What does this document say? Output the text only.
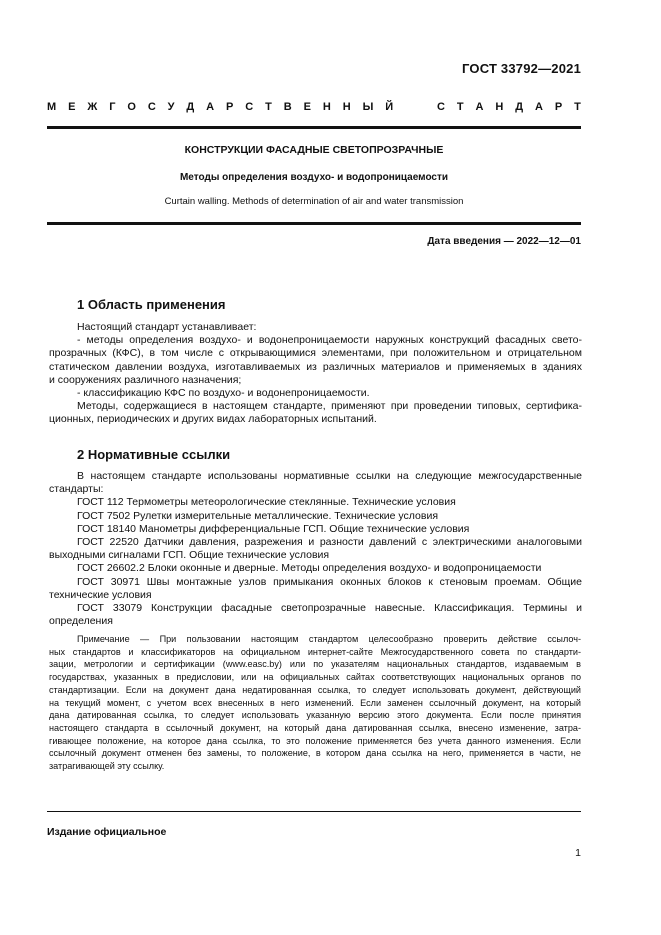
ГОСТ 33792—2021
М Е Ж Г О С У Д А Р С Т В Е Н Н Ы Й	С Т А Н Д А Р Т
КОНСТРУКЦИИ ФАСАДНЫЕ СВЕТОПРОЗРАЧНЫЕ
Методы определения воздухо- и водопроницаемости
Curtain walling. Methods of determination of air and water transmission
Дата введения — 2022—12—01
1 Область применения
Настоящий стандарт устанавливает:
- методы определения воздухо- и водонепроницаемости наружных конструкций фасадных свето-
прозрачных (КФС), в том числе с открывающимися элементами, при положительном и отрицательном
статическом давлении воздуха, изготавливаемых из различных материалов и применяемых в зданиях
и сооружениях различного назначения;
- классификацию КФС по воздухо- и водонепроницаемости.
Методы, содержащиеся в настоящем стандарте, применяют при проведении типовых, сертифика-
ционных, периодических и других видах лабораторных испытаний.
2 Нормативные ссылки
В настоящем стандарте использованы нормативные ссылки на следующие межгосударственные
стандарты:
ГОСТ 112 Термометры метеорологические стеклянные. Технические условия
ГОСТ 7502 Рулетки измерительные металлические. Технические условия
ГОСТ 18140 Манометры дифференциальные ГСП. Общие технические условия
ГОСТ 22520 Датчики давления, разрежения и разности давлений с электрическими аналоговыми
выходными сигналами ГСП. Общие технические условия
ГОСТ 26602.2 Блоки оконные и дверные. Методы определения воздухо- и водопроницаемости
ГОСТ 30971 Швы монтажные узлов примыкания оконных блоков к стеновым проемам. Общие
технические условия
ГОСТ 33079 Конструкции фасадные светопрозрачные навесные. Классификация. Термины и
определения
Примечание — При пользовании настоящим стандартом целесообразно проверить действие ссылоч-
ных стандартов и классификаторов на официальном интернет-сайте Межгосударственного совета по стандарти-
зации, метрологии и сертификации (www.easc.by) или по указателям национальных стандартов, издаваемым в
государствах, указанных в предисловии, или на официальных сайтах соответствующих национальных органов по
стандартизации. Если на документ дана недатированная ссылка, то следует использовать документ, действующий
на текущий момент, с учетом всех внесенных в него изменений. Если заменен ссылочный документ, на который
дана датированная ссылка, то следует использовать указанную версию этого документа. Если после принятия
настоящего стандарта в ссылочный документ, на который дана датированная ссылка, внесено изменение, затра-
гивающее положение, на которое дана ссылка, то это положение применяется без учета данного изменения. Если
ссылочный документ отменен без замены, то положение, в котором дана ссылка на него, применяется в части, не
затрагивающей эту ссылку.
Издание официальное
1
